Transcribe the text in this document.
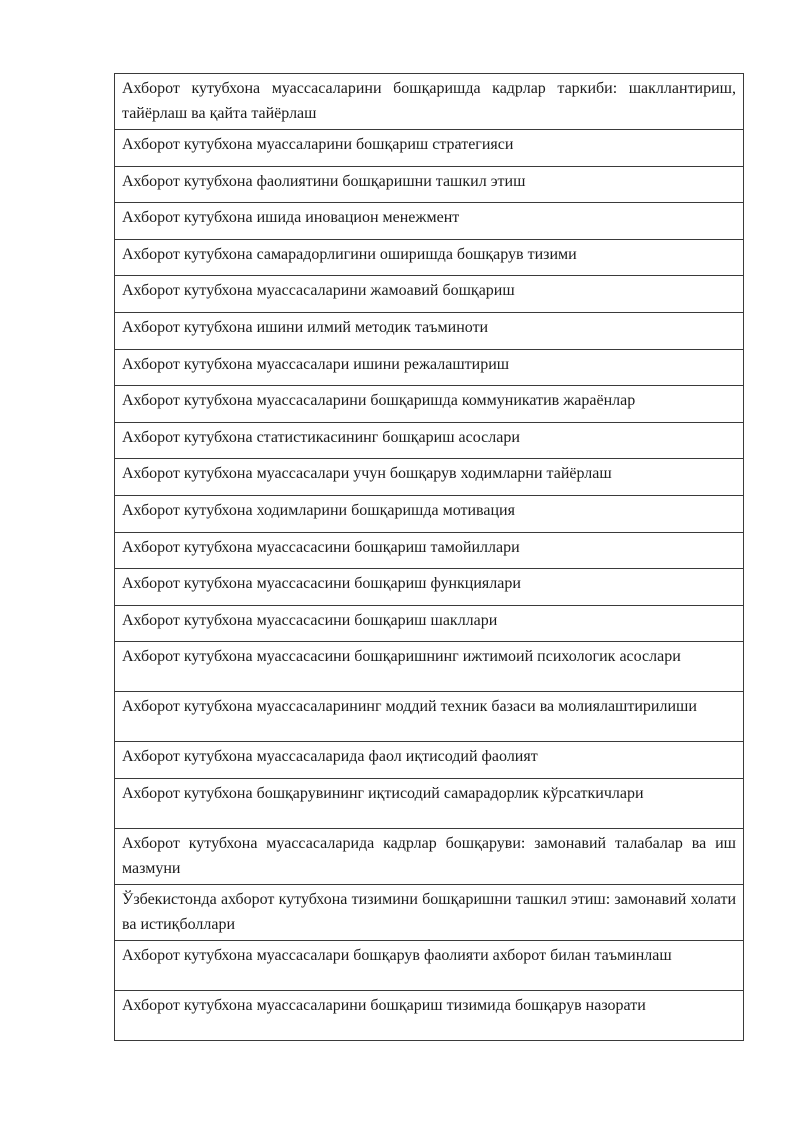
Ахборот кутубхона муассасаларини бошқаришда кадрлар таркиби: шакллантириш, тайёрлаш ва қайта тайёрлаш
Ахборот кутубхона муассаларини бошқариш стратегияси
Ахборот кутубхона фаолиятини бошқаришни ташкил этиш
Ахборот кутубхона ишида иновацион менежмент
Ахборот кутубхона самарадорлигини оширишда бошқарув тизими
Ахборот кутубхона муассасаларини жамоавий бошқариш
Ахборот кутубхона ишини илмий методик таъминоти
Ахборот кутубхона муассасалари ишини режалаштириш
Ахборот кутубхона муассасаларини бошқаришда коммуникатив жараёнлар
Ахборот кутубхона статистикасининг бошқариш асослари
Ахборот кутубхона муассасалари учун бошқарув ходимларни тайёрлаш
Ахборот кутубхона ходимларини бошқаришда мотивация
Ахборот кутубхона муассасасини бошқариш тамойиллари
Ахборот кутубхона муассасасини бошқариш функциялари
Ахборот кутубхона муассасасини бошқариш шакллари
Ахборот кутубхона муассасасини бошқаришнинг ижтимоий психологик асослари
Ахборот кутубхона муассасаларининг моддий техник базаси ва молиялаштирилиши
Ахборот кутубхона муассасаларида фаол иқтисодий фаолият
Ахборот кутубхона бошқарувининг иқтисодий самарадорлик кўрсаткичлари
Ахборот кутубхона муассасаларида кадрлар бошқаруви: замонавий талабалар ва иш мазмуни
Ўзбекистонда ахборот кутубхона тизимини бошқаришни ташкил этиш: замонавий холати ва истиқболлари
Ахборот кутубхона муассасалари бошқарув фаолияти ахборот билан таъминлаш
Ахборот кутубхона муассасаларини бошқариш тизимида бошқарув назорати
